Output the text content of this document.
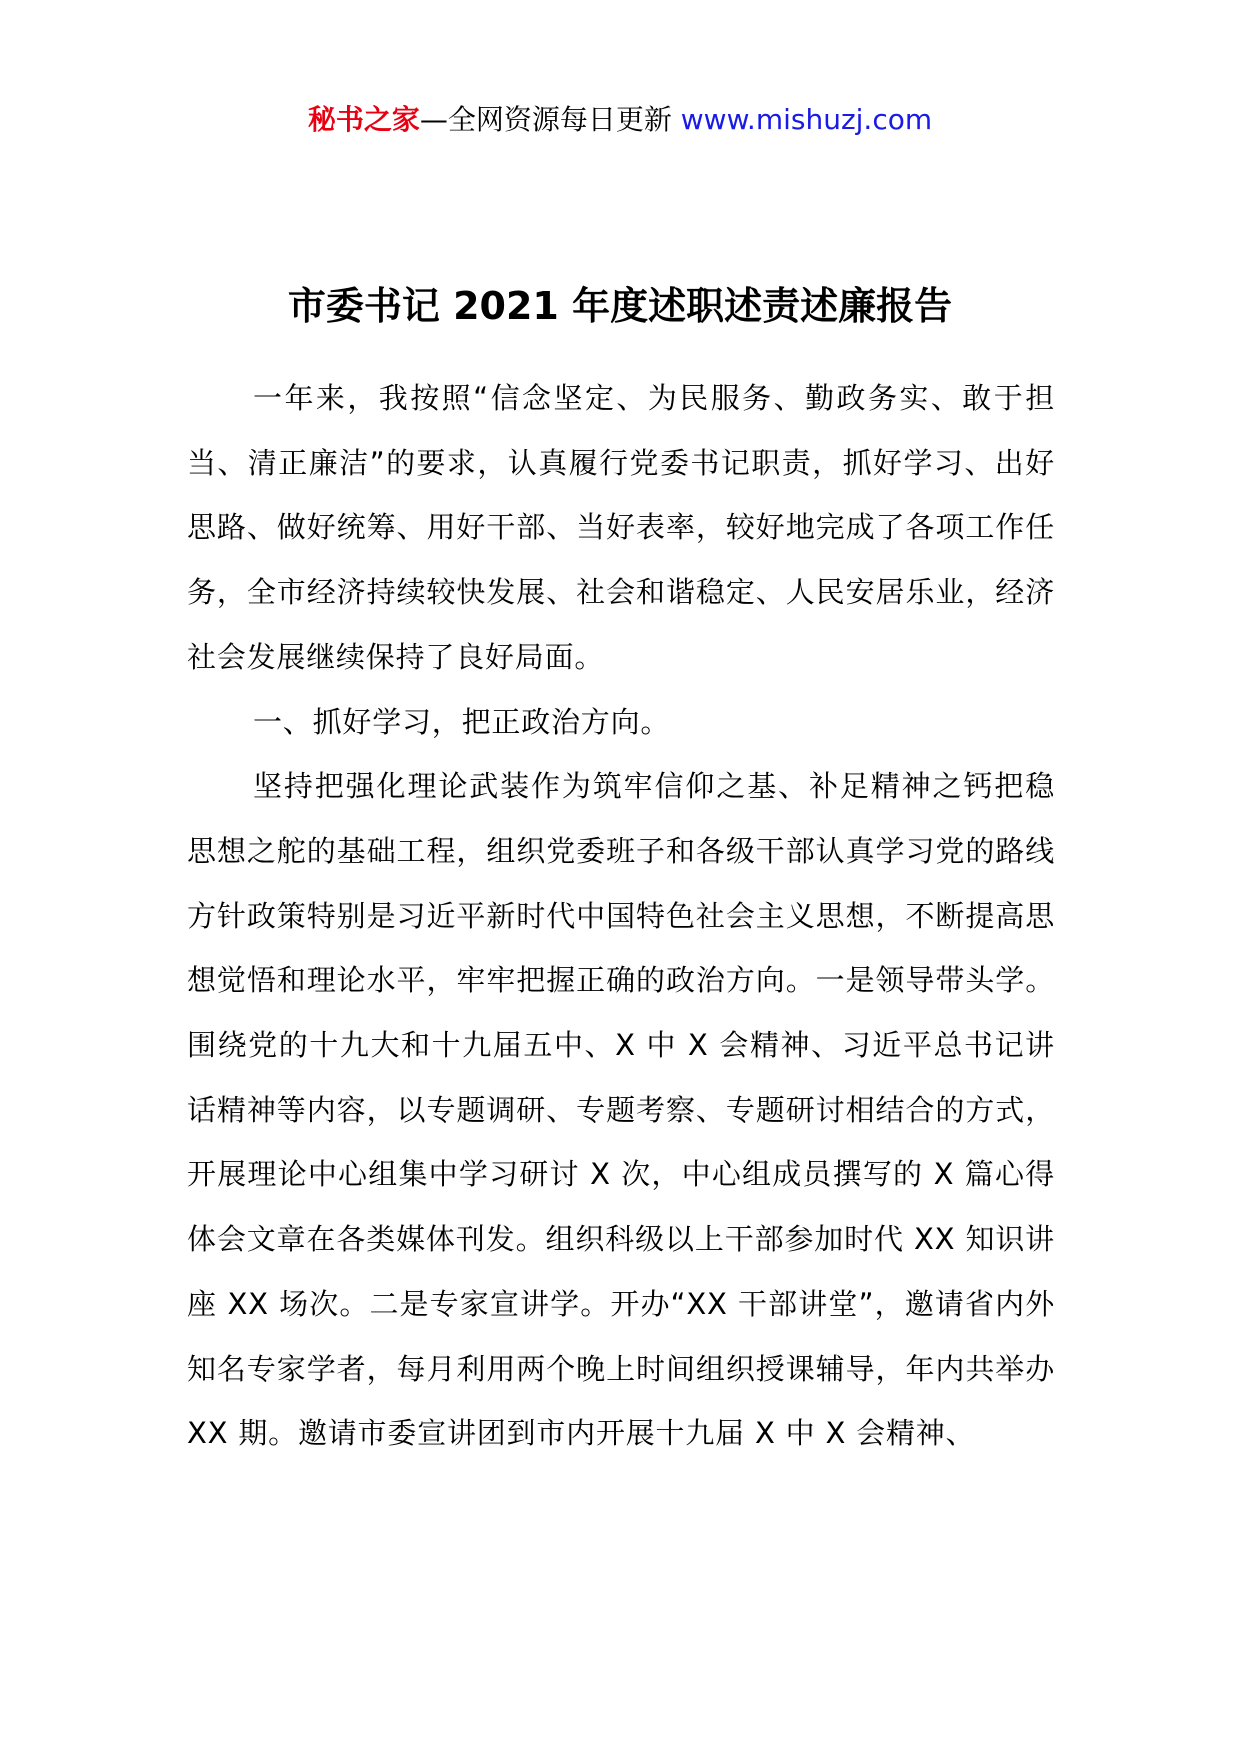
秘书之家—全网资源每日更新 www.mishuzj.com
市委书记 2021 年度述职述责述廉报告

一年来，我按照“信念坚定、为民服务、勤政务实、敢于担当、清正廉洁”的要求，认真履行党委书记职责，抓好学习、出好思路、做好统筹、用好干部、当好表率，较好地完成了各项工作任务，全市经济持续较快发展、社会和谐稳定、人民安居乐业，经济社会发展继续保持了良好局面。

一、抓好学习，把正政治方向。

坚持把强化理论武装作为筑牢信仰之基、补足精神之钙把稳思想之舵的基础工程，组织党委班子和各级干部认真学习党的路线方针政策特别是习近平新时代中国特色社会主义思想，不断提高思想觉悟和理论水平，牢牢把握正确的政治方向。一是领导带头学。围绕党的十九大和十九届五中、X 中 X 会精神、习近平总书记讲话精神等内容，以专题调研、专题考察、专题研讨相结合的方式，开展理论中心组集中学习研讨 X 次，中心组成员撰写的 X 篇心得体会文章在各类媒体刊发。组织科级以上干部参加时代 XX 知识讲座 XX 场次。二是专家宣讲学。开办“XX 干部讲堂”，邀请省内外知名专家学者，每月利用两个晚上时间组织授课辅导，年内共举办 XX 期。邀请市委宣讲团到市内开展十九届 X 中 X 会精神、
